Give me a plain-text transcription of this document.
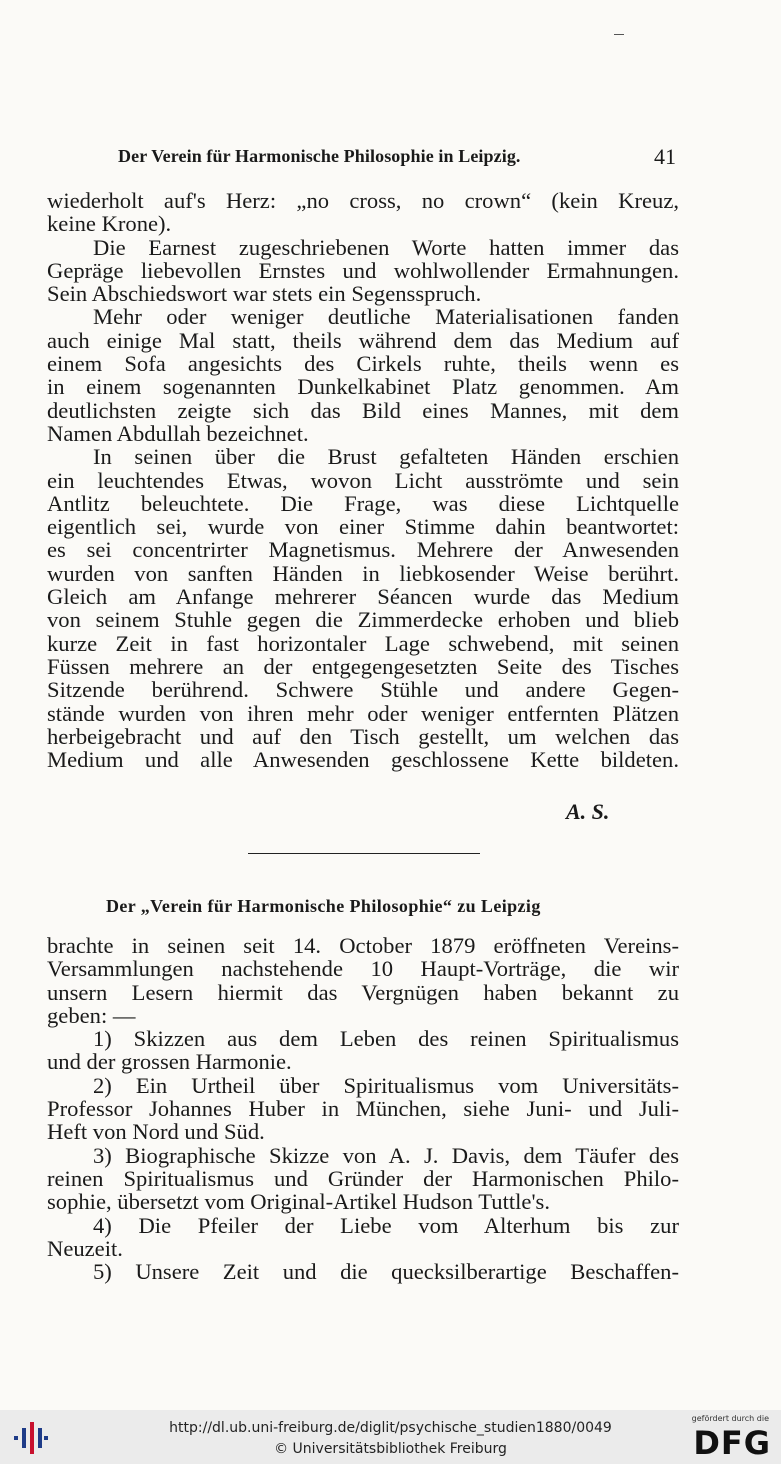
Der Verein für Harmonische Philosophie in Leipzig.	41
wiederholt auf's Herz: „no cross, no crown“ (kein Kreuz,
keine Krone).
Die Earnest zugeschriebenen Worte hatten immer das
Gepräge liebevollen Ernstes und wohlwollender Ermahnungen.
Sein Abschiedswort war stets ein Segensspruch.
Mehr oder weniger deutliche Materialisationen fanden
auch einige Mal statt, theils während dem das Medium auf
einem Sofa angesichts des Cirkels ruhte, theils wenn es
in einem sogenannten Dunkelkabinet Platz genommen. Am
deutlichsten zeigte sich das Bild eines Mannes, mit dem
Namen Abdullah bezeichnet.
In seinen über die Brust gefalteten Händen erschien
ein leuchtendes Etwas, wovon Licht ausströmte und sein
Antlitz beleuchtete. Die Frage, was diese Lichtquelle
eigentlich sei, wurde von einer Stimme dahin beantwortet:
es sei concentrirter Magnetismus. Mehrere der Anwesenden
wurden von sanften Händen in liebkosender Weise berührt.
Gleich am Anfange mehrerer Séancen wurde das Medium
von seinem Stuhle gegen die Zimmerdecke erhoben und blieb
kurze Zeit in fast horizontaler Lage schwebend, mit seinen
Füssen mehrere an der entgegengesetzten Seite des Tisches
Sitzende berührend. Schwere Stühle und andere Gegen-
stände wurden von ihren mehr oder weniger entfernten Plätzen
herbeigebracht und auf den Tisch gestellt, um welchen das
Medium und alle Anwesenden geschlossene Kette bildeten.
A. S.
Der „Verein für Harmonische Philosophie“ zu Leipzig
brachte in seinen seit 14. October 1879 eröffneten Vereins-
Versammlungen nachstehende 10 Haupt-Vorträge, die wir
unsern Lesern hiermit das Vergnügen haben bekannt zu
geben: —
1) Skizzen aus dem Leben des reinen Spiritualismus
und der grossen Harmonie.
2) Ein Urtheil über Spiritualismus vom Universitäts-
Professor Johannes Huber in München, siehe Juni- und Juli-
Heft von Nord und Süd.
3) Biographische Skizze von A. J. Davis, dem Täufer des
reinen Spiritualismus und Gründer der Harmonischen Philo-
sophie, übersetzt vom Original-Artikel Hudson Tuttle's.
4) Die Pfeiler der Liebe vom Alterhum bis zur
Neuzeit.
5) Unsere Zeit und die quecksilberartige Beschaffen-
http://dl.ub.uni-freiburg.de/diglit/psychische_studien1880/0049
© Universitätsbibliothek Freiburg
gefördert durch die
DFG
